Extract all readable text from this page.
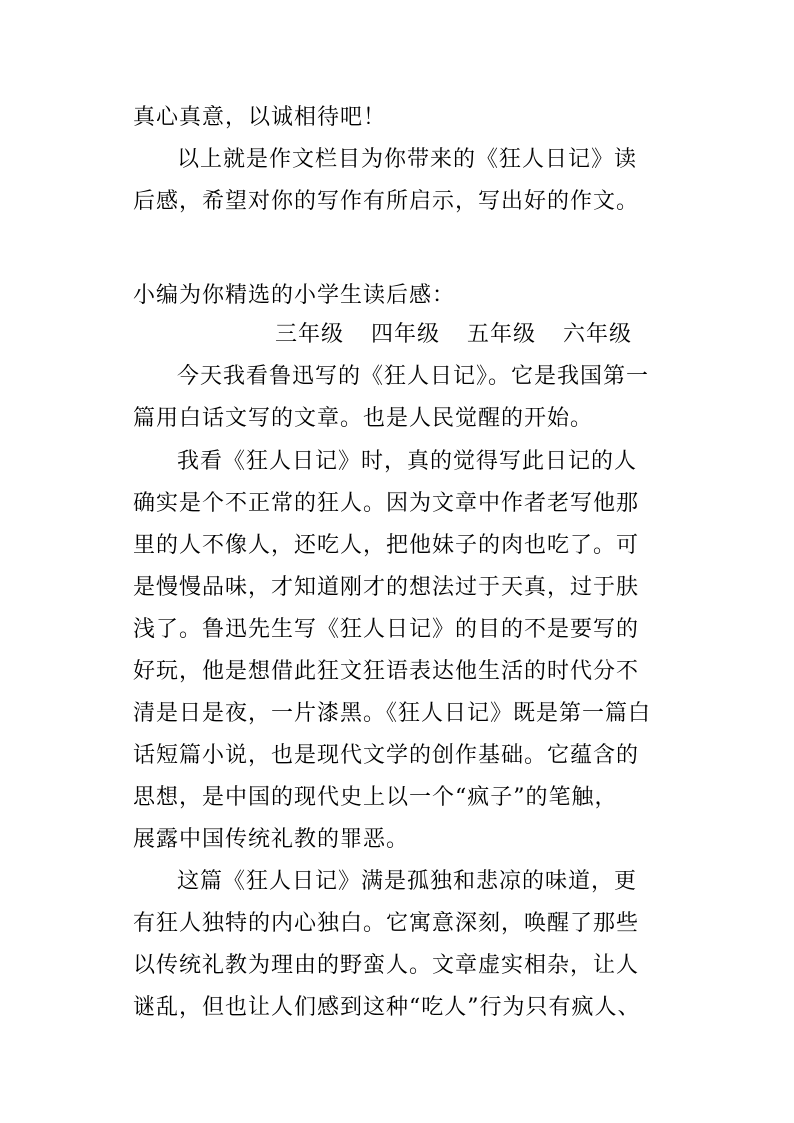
真心真意，以诚相待吧！
以上就是作文栏目为你带来的《狂人日记》读
后感，希望对你的写作有所启示，写出好的作文。
小编为你精选的小学生读后感：
三年级 四年级 五年级 六年级
今天我看鲁迅写的《狂人日记》。它是我国第一
篇用白话文写的文章。也是人民觉醒的开始。
我看《狂人日记》时，真的觉得写此日记的人
确实是个不正常的狂人。因为文章中作者老写他那
里的人不像人，还吃人，把他妹子的肉也吃了。可
是慢慢品味，才知道刚才的想法过于天真，过于肤
浅了。鲁迅先生写《狂人日记》的目的不是要写的
好玩，他是想借此狂文狂语表达他生活的时代分不
清是日是夜，一片漆黑。《狂人日记》既是第一篇白
话短篇小说，也是现代文学的创作基础。它蕴含的
思想，是中国的现代史上以一个“疯子”的笔触，
展露中国传统礼教的罪恶。
这篇《狂人日记》满是孤独和悲凉的味道，更
有狂人独特的内心独白。它寓意深刻，唤醒了那些
以传统礼教为理由的野蛮人。文章虚实相杂，让人
谜乱，但也让人们感到这种“吃人”行为只有疯人、
